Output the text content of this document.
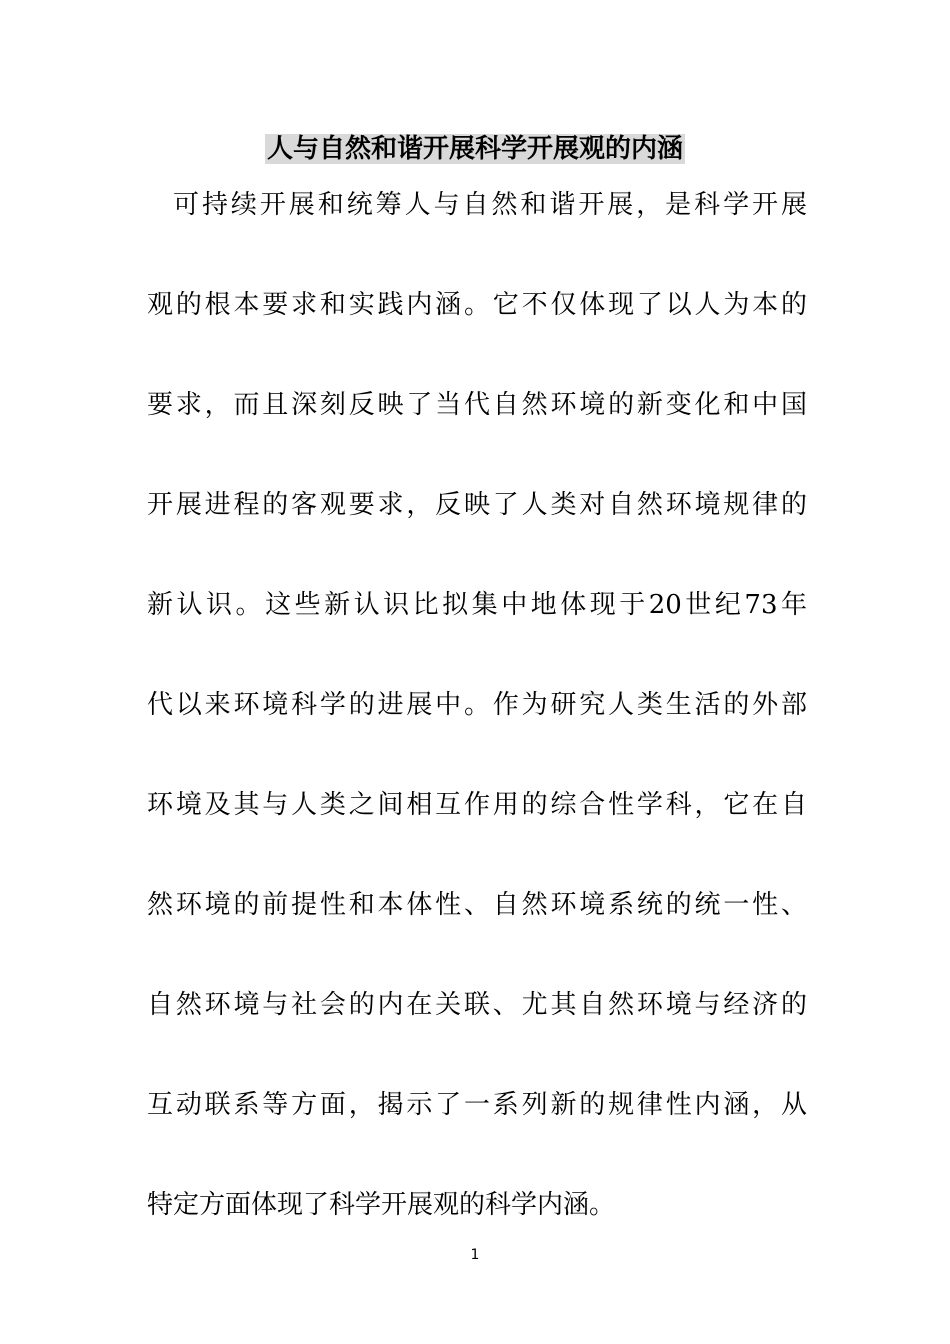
人与自然和谐开展科学开展观的内涵
可持续开展和统筹人与自然和谐开展，是科学开展
观的根本要求和实践内涵。它不仅体现了以人为本的
要求，而且深刻反映了当代自然环境的新变化和中国
开展进程的客观要求，反映了人类对自然环境规律的
新认识。这些新认识比拟集中地体现于20世纪73年
代以来环境科学的进展中。作为研究人类生活的外部
环境及其与人类之间相互作用的综合性学科，它在自
然环境的前提性和本体性、自然环境系统的统一性、
自然环境与社会的内在关联、尤其自然环境与经济的
互动联系等方面，揭示了一系列新的规律性内涵，从
特定方面体现了科学开展观的科学内涵。
1
